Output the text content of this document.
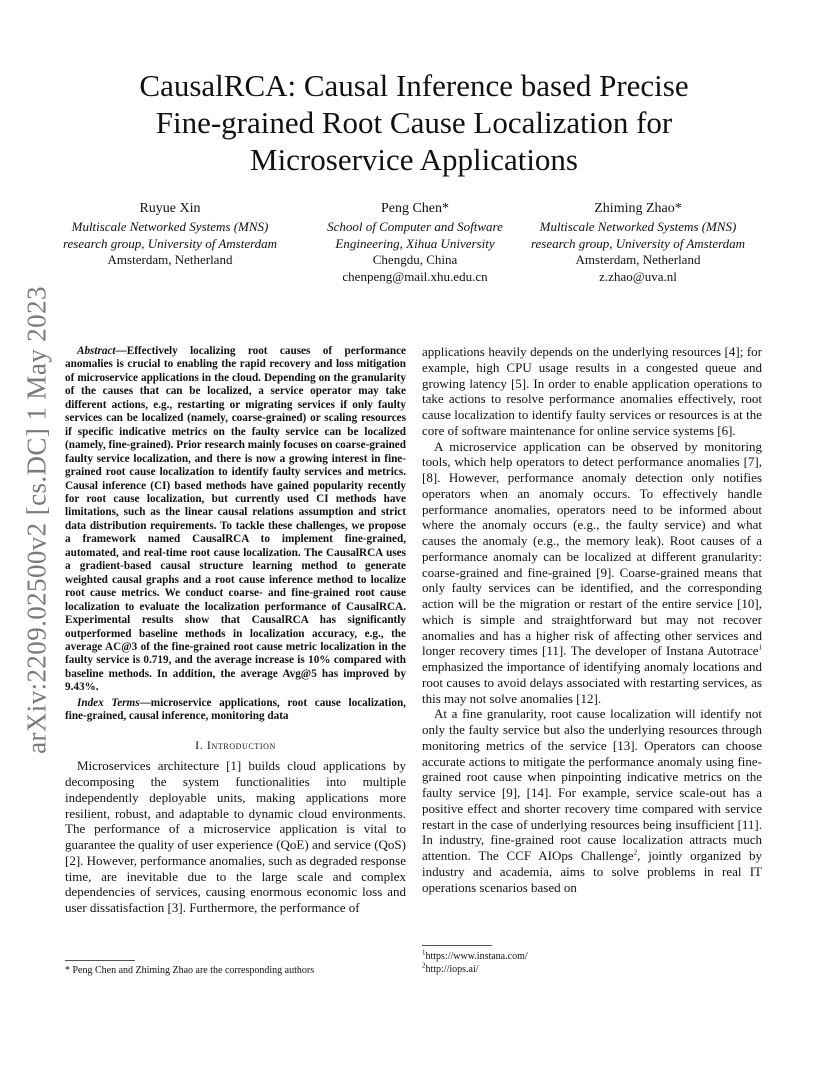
arXiv:2209.02500v2 [cs.DC] 1 May 2023
CausalRCA: Causal Inference based Precise
Fine-grained Root Cause Localization for
Microservice Applications
Ruyue Xin
Multiscale Networked Systems (MNS)
research group, University of Amsterdam
Amsterdam, Netherland
Peng Chen*
School of Computer and Software
Engineering, Xihua University
Chengdu, China
chenpeng@mail.xhu.edu.cn
Zhiming Zhao*
Multiscale Networked Systems (MNS)
research group, University of Amsterdam
Amsterdam, Netherland
z.zhao@uva.nl

Abstract—Effectively localizing root causes of performance anomalies is crucial to enabling the rapid recovery and loss mitigation of microservice applications in the cloud. Depending on the granularity of the causes that can be localized, a service operator may take different actions, e.g., restarting or migrating services if only faulty services can be localized (namely, coarse-grained) or scaling resources if specific indicative metrics on the faulty service can be localized (namely, fine-grained). Prior research mainly focuses on coarse-grained faulty service localization, and there is now a growing interest in fine-grained root cause localization to identify faulty services and metrics. Causal inference (CI) based methods have gained popularity recently for root cause localization, but currently used CI methods have limitations, such as the linear causal relations assumption and strict data distribution requirements. To tackle these challenges, we propose a framework named CausalRCA to implement fine-grained, automated, and real-time root cause localization. The CausalRCA uses a gradient-based causal structure learning method to generate weighted causal graphs and a root cause inference method to localize root cause metrics. We conduct coarse- and fine-grained root cause localization to evaluate the localization performance of CausalRCA. Experimental results show that CausalRCA has significantly outperformed baseline methods in localization accuracy, e.g., the average AC@3 of the fine-grained root cause metric localization in the faulty service is 0.719, and the average increase is 10% compared with baseline methods. In addition, the average Avg@5 has improved by 9.43%.

Index Terms—microservice applications, root cause localization, fine-grained, causal inference, monitoring data

I. Introduction

Microservices architecture [1] builds cloud applications by decomposing the system functionalities into multiple independently deployable units, making applications more resilient, robust, and adaptable to dynamic cloud environments. The performance of a microservice application is vital to guarantee the quality of user experience (QoE) and service (QoS) [2]. However, performance anomalies, such as degraded response time, are inevitable due to the large scale and complex dependencies of services, causing enormous economic loss and user dissatisfaction [3]. Furthermore, the performance of

applications heavily depends on the underlying resources [4]; for example, high CPU usage results in a congested queue and growing latency [5]. In order to enable application operations to take actions to resolve performance anomalies effectively, root cause localization to identify faulty services or resources is at the core of software maintenance for online service systems [6].

A microservice application can be observed by monitoring tools, which help operators to detect performance anomalies [7], [8]. However, performance anomaly detection only notifies operators when an anomaly occurs. To effectively handle performance anomalies, operators need to be informed about where the anomaly occurs (e.g., the faulty service) and what causes the anomaly (e.g., the memory leak). Root causes of a performance anomaly can be localized at different granularity: coarse-grained and fine-grained [9]. Coarse-grained means that only faulty services can be identified, and the corresponding action will be the migration or restart of the entire service [10], which is simple and straightforward but may not recover anomalies and has a higher risk of affecting other services and longer recovery times [11]. The developer of Instana Autotrace$^1$ emphasized the importance of identifying anomaly locations and root causes to avoid delays associated with restarting services, as this may not solve anomalies [12].

At a fine granularity, root cause localization will identify not only the faulty service but also the underlying resources through monitoring metrics of the service [13]. Operators can choose accurate actions to mitigate the performance anomaly using fine-grained root cause when pinpointing indicative metrics on the faulty service [9], [14]. For example, service scale-out has a positive effect and shorter recovery time compared with service restart in the case of underlying resources being insufficient [11]. In industry, fine-grained root cause localization attracts much attention. The CCF AIOps Challenge$^2$, jointly organized by industry and academia, aims to solve problems in real IT operations scenarios based on

* Peng Chen and Zhiming Zhao are the corresponding authors
$^1$https://www.instana.com/
$^2$http://iops.ai/
